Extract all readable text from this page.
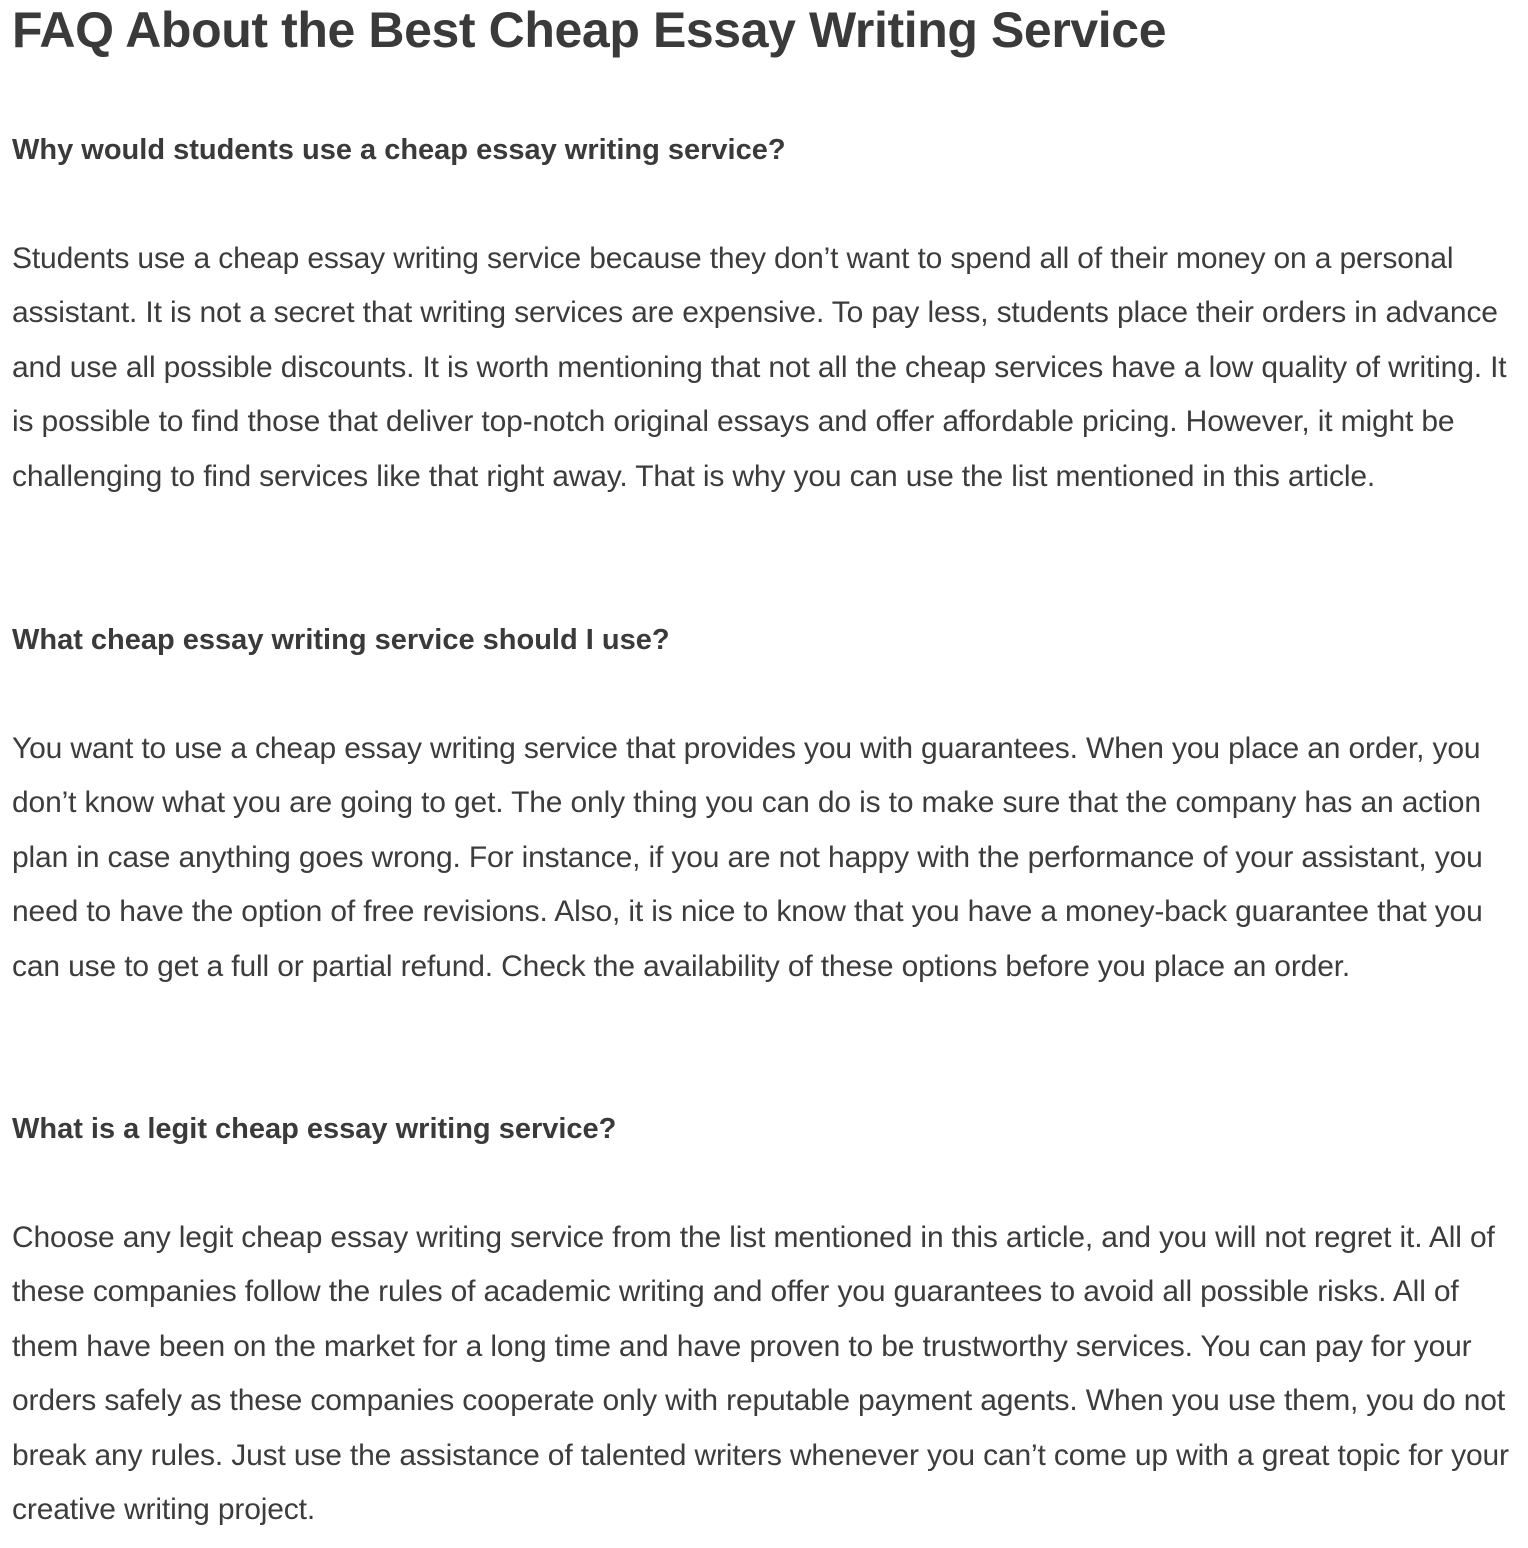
FAQ About the Best Cheap Essay Writing Service
Why would students use a cheap essay writing service?

Students use a cheap essay writing service because they don’t want to spend all of their money on a personal assistant. It is not a secret that writing services are expensive. To pay less, students place their orders in advance and use all possible discounts. It is worth mentioning that not all the cheap services have a low quality of writing. It is possible to find those that deliver top-notch original essays and offer affordable pricing. However, it might be challenging to find services like that right away. That is why you can use the list mentioned in this article.

What cheap essay writing service should I use?

You want to use a cheap essay writing service that provides you with guarantees. When you place an order, you don’t know what you are going to get. The only thing you can do is to make sure that the company has an action plan in case anything goes wrong. For instance, if you are not happy with the performance of your assistant, you need to have the option of free revisions. Also, it is nice to know that you have a money-back guarantee that you can use to get a full or partial refund. Check the availability of these options before you place an order.

What is a legit cheap essay writing service?

Choose any legit cheap essay writing service from the list mentioned in this article, and you will not regret it. All of these companies follow the rules of academic writing and offer you guarantees to avoid all possible risks. All of them have been on the market for a long time and have proven to be trustworthy services. You can pay for your orders safely as these companies cooperate only with reputable payment agents. When you use them, you do not break any rules. Just use the assistance of talented writers whenever you can’t come up with a great topic for your creative writing project.
